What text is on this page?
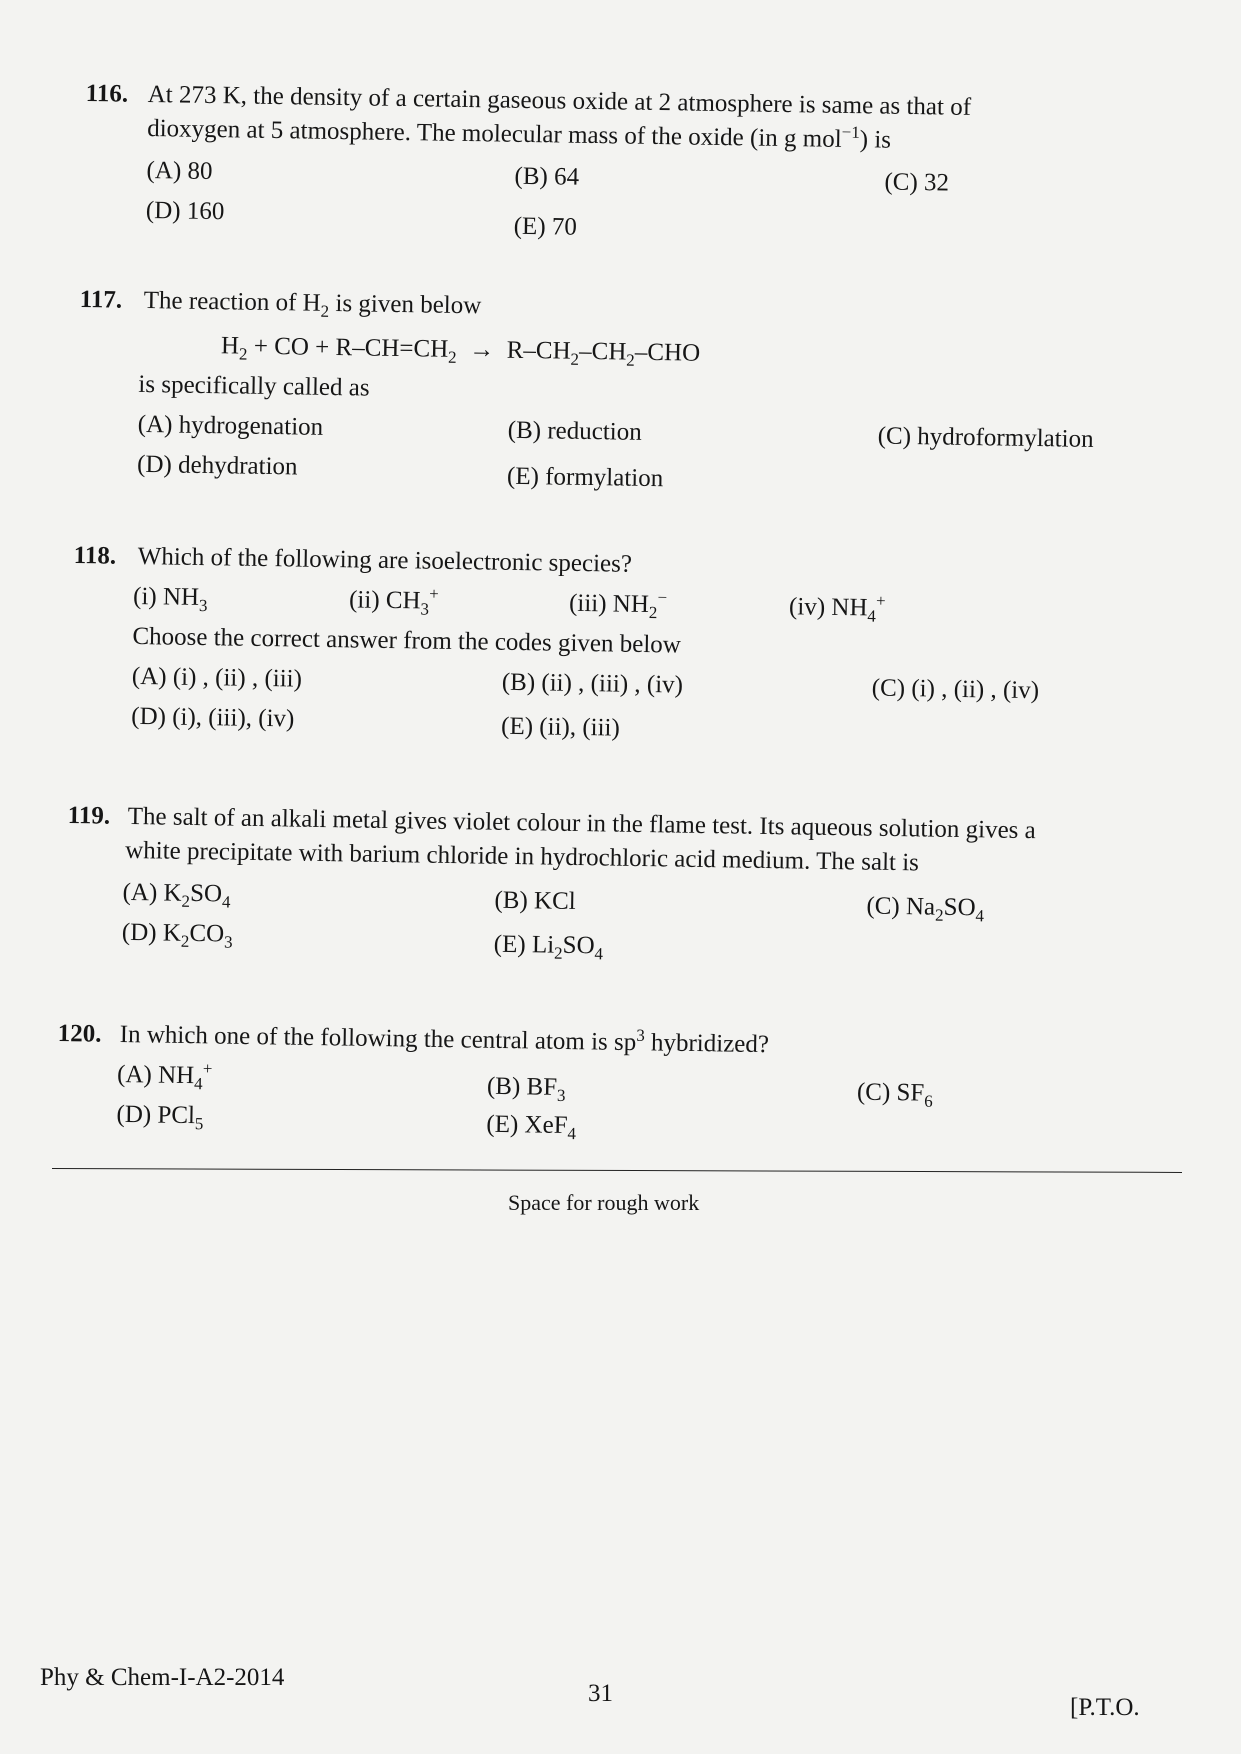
116. At 273 K, the density of a certain gaseous oxide at 2 atmosphere is same as that of
dioxygen at 5 atmosphere. The molecular mass of the oxide (in g mol$^{-1}$) is
(A) 80	(B) 64	(C) 32
(D) 160
(E) 70
117. The reaction of $H_2$ is given below
$H_2$ + CO + $R-CH=CH_2 \to R-CH_2-CH_2-CHO$
is specifically called as
(A) hydrogenation	(B) reduction	(C) hydroformylation
(D) dehydration	(E) formylation
118. Which of the following are isoelectronic species?
(i) $NH_3$	(ii) $CH_3^+$	(iii) $NH_2^-$	(iv) $NH_4^+$
Choose the correct answer from the codes given below
(A) (i) , (ii) , (iii)	(B) (ii) , (iii) , (iv)	(C) (i) , (ii) , (iv)
(D) (i), (iii), (iv)	(E) (ii), (iii)
119. The salt of an alkali metal gives violet colour in the flame test. Its aqueous solution gives a
white precipitate with barium chloride in hydrochloric acid medium. The salt is
(A) $K_2SO_4$	(B) KCl	(C) $Na_2SO_4$
(D) $K_2CO_3$	(E) $Li_2SO_4$
120. In which one of the following the central atom is $sp^3$ hybridized?
(A) $NH_4^+$
(B) $BF_3$	(C) $SF_6$
(D) PCl$_5$	(E) XeF$_4$
Space for rough work
Phy & Chem-I-A2-2014
31
[P.T.O.
